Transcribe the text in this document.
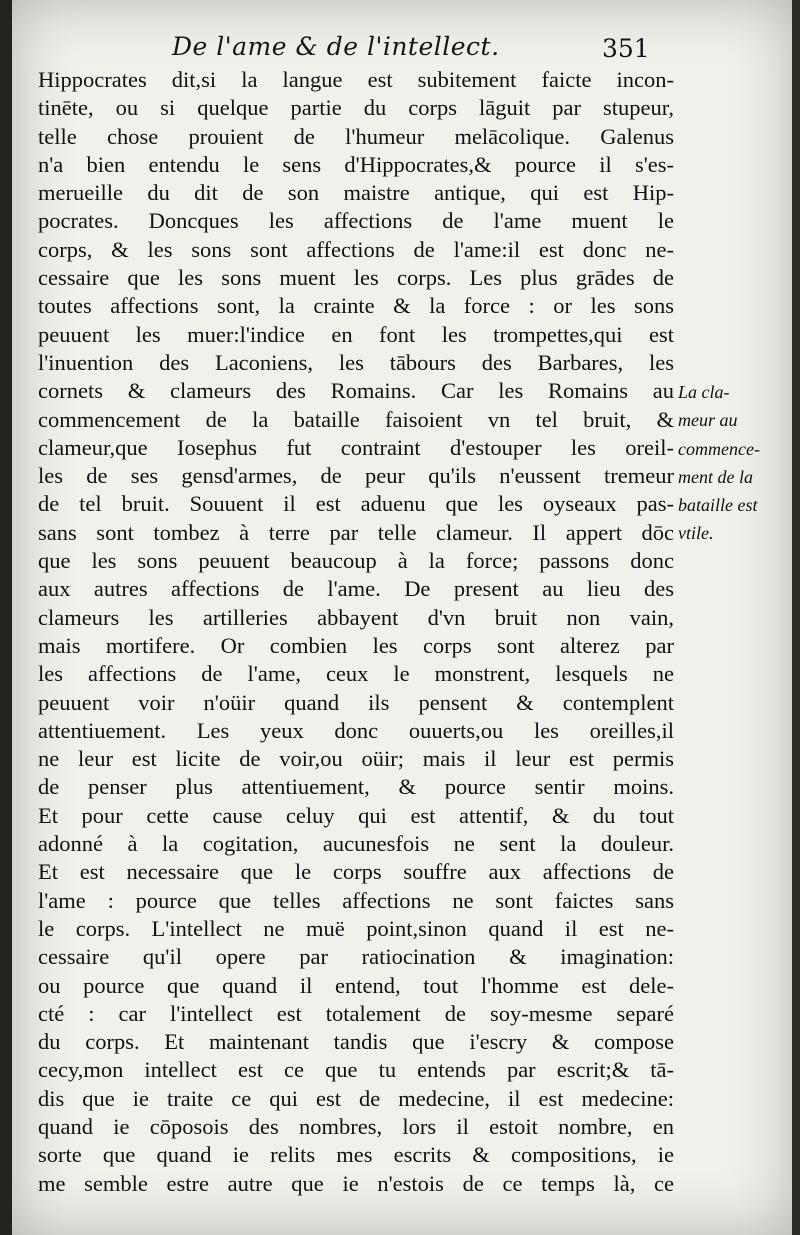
De l'ame & de l'intellect.	351
Hippocrates dit,si la langue est subitement faicte incon-
tinēte, ou si quelque partie du corps lāguit par stupeur,
telle chose prouient de l'humeur melācolique. Galenus
n'a bien entendu le sens d'Hippocrates,& pource il s'es-
merueille du dit de son maistre antique, qui est Hip-
pocrates. Doncques les affections de l'ame muent le
corps, & les sons sont affections de l'ame:il est donc ne-
cessaire que les sons muent les corps. Les plus grādes de
toutes affections sont, la crainte & la force : or les sons
peuuent les muer:l'indice en font les trompettes,qui est
l'inuention des Laconiens, les tābours des Barbares, les
cornets & clameurs des Romains. Car les Romains au
commencement de la bataille faisoient vn tel bruit, &
clameur,que Iosephus fut contraint d'estouper les oreil-
les de ses gensd'armes, de peur qu'ils n'eussent tremeur
de tel bruit. Souuent il est aduenu que les oyseaux pas-
sans sont tombez à terre par telle clameur. Il appert dōc
que les sons peuuent beaucoup à la force; passons donc
aux autres affections de l'ame. De present au lieu des
clameurs les artilleries abbayent d'vn bruit non vain,
mais mortifere. Or combien les corps sont alterez par
les affections de l'ame, ceux le monstrent, lesquels ne
peuuent voir n'oüir quand ils pensent & contemplent
attentiuement. Les yeux donc ouuerts,ou les oreilles,il
ne leur est licite de voir,ou oüir; mais il leur est permis
de penser plus attentiuement, & pource sentir moins.
Et pour cette cause celuy qui est attentif, & du tout
adonné à la cogitation, aucunesfois ne sent la douleur.
Et est necessaire que le corps souffre aux affections de
l'ame : pource que telles affections ne sont faictes sans
le corps. L'intellect ne muë point,sinon quand il est ne-
cessaire qu'il opere par ratiocination & imagination:
ou pource que quand il entend, tout l'homme est dele-
cté : car l'intellect est totalement de soy-mesme separé
du corps. Et maintenant tandis que i'escry & compose
cecy,mon intellect est ce que tu entends par escrit;& tā-
dis que ie traite ce qui est de medecine, il est medecine:
quand ie cōposois des nombres, lors il estoit nombre, en
sorte que quand ie relits mes escrits & compositions, ie
me semble estre autre que ie n'estois de ce temps là, ce
La cla-
meur au
commence-
ment de la
bataille est
vtile.
